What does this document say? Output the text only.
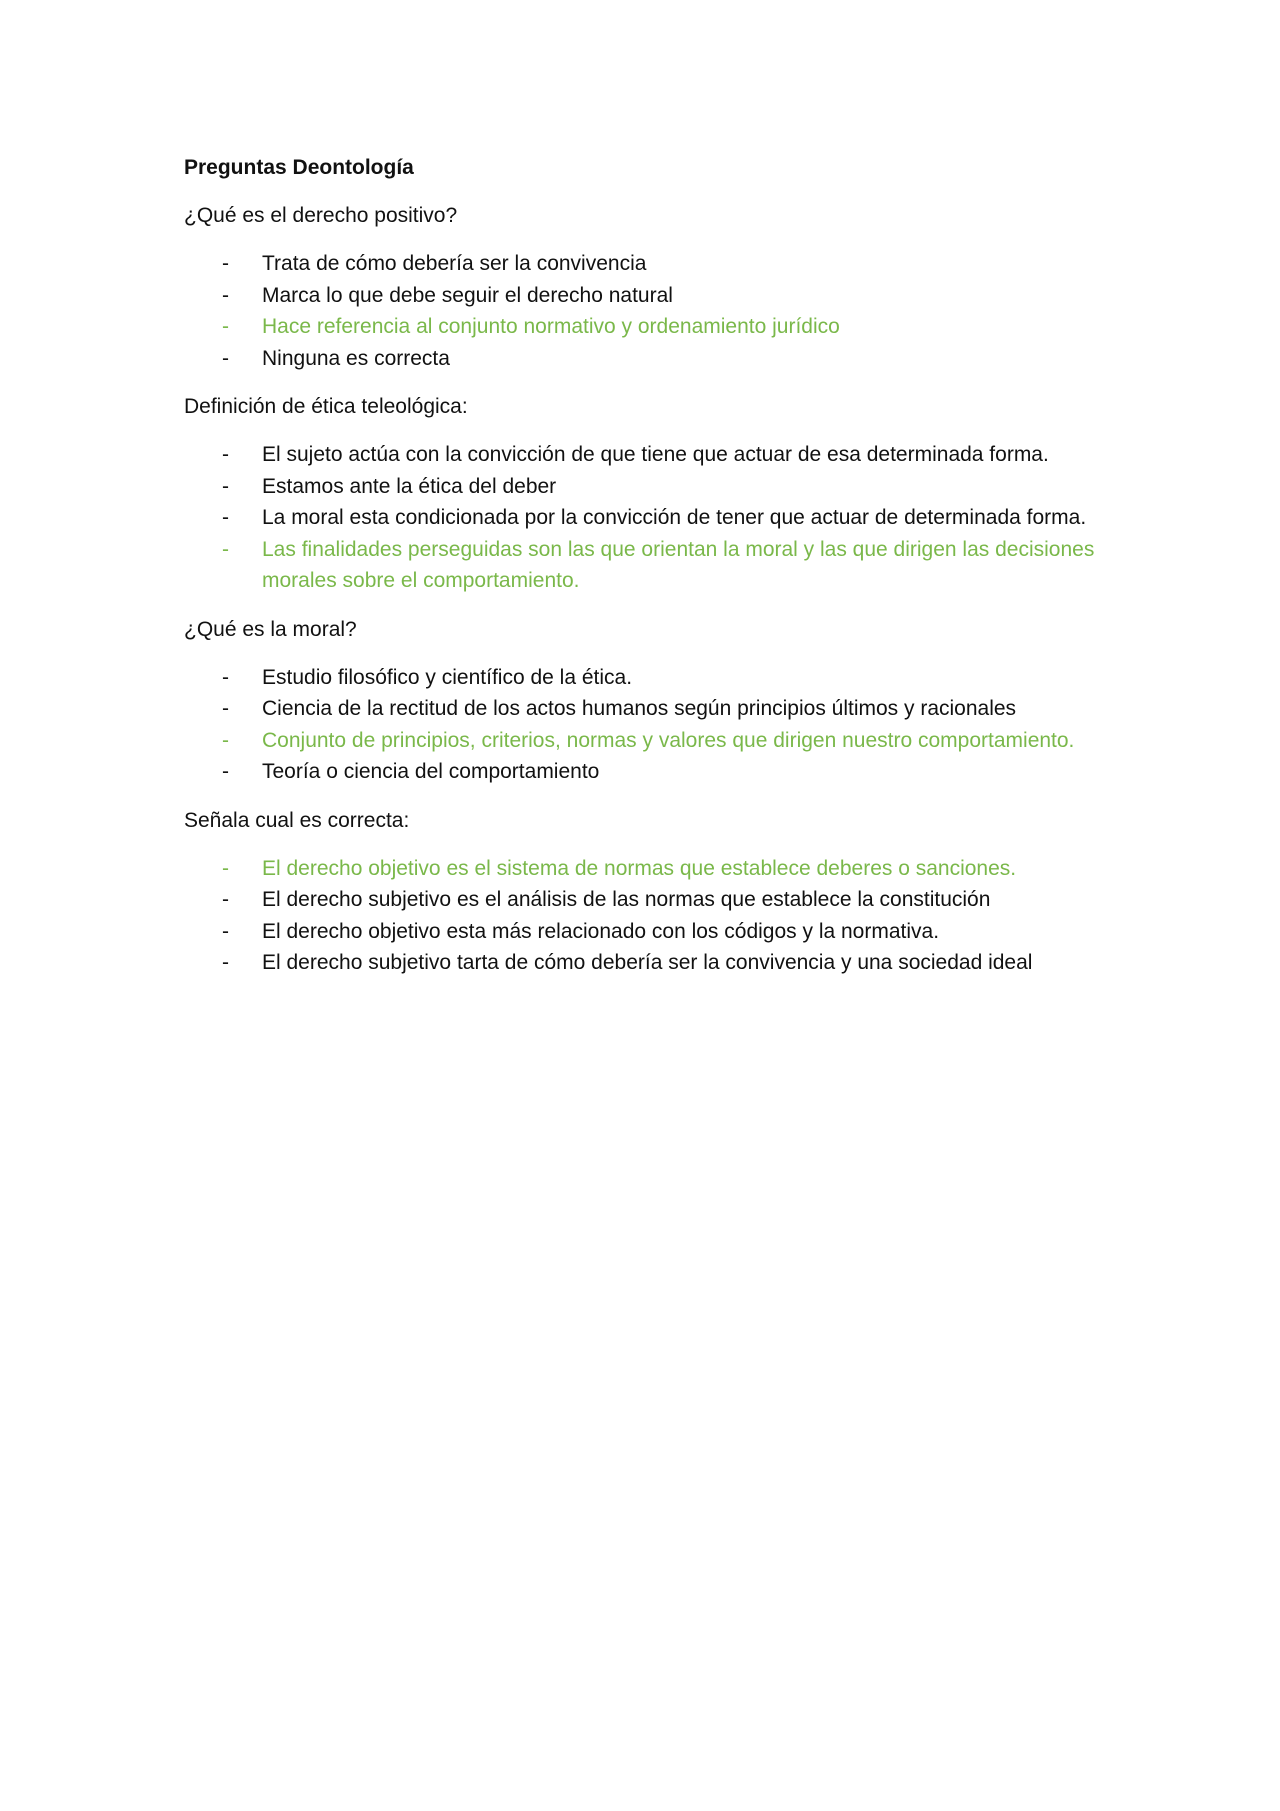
Preguntas Deontología
¿Qué es el derecho positivo?
- Trata de cómo debería ser la convivencia
- Marca lo que debe seguir el derecho natural
- Hace referencia al conjunto normativo y ordenamiento jurídico
- Ninguna es correcta
Definición de ética teleológica:
- El sujeto actúa con la convicción de que tiene que actuar de esa determinada forma.
- Estamos ante la ética del deber
- La moral esta condicionada por la convicción de tener que actuar de determinada forma.
- Las finalidades perseguidas son las que orientan la moral y las que dirigen las decisiones morales sobre el comportamiento.
¿Qué es la moral?
- Estudio filosófico y científico de la ética.
- Ciencia de la rectitud de los actos humanos según principios últimos y racionales
- Conjunto de principios, criterios, normas y valores que dirigen nuestro comportamiento.
- Teoría o ciencia del comportamiento
Señala cual es correcta:
- El derecho objetivo es el sistema de normas que establece deberes o sanciones.
- El derecho subjetivo es el análisis de las normas que establece la constitución
- El derecho objetivo esta más relacionado con los códigos y la normativa.
- El derecho subjetivo tarta de cómo debería ser la convivencia y una sociedad ideal
